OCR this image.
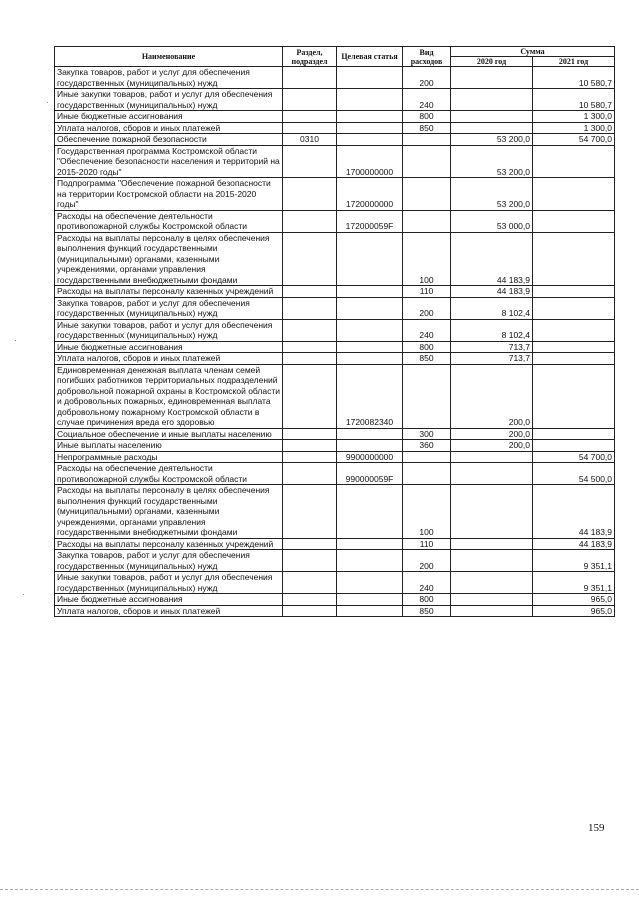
Наименование	Раздел, подраздел	Целевая статья	Вид расходов	Сумма	
				2020 год	2021 год
Закупка товаров, работ и услуг для обеспечения государственных (муниципальных) нужд			200		10 580,7
Иные закупки товаров, работ и услуг для обеспечения государственных (муниципальных) нужд			240		10 580,7
Иные бюджетные ассигнования			800		1 300,0
Уплата налогов, сборов и иных платежей			850		1 300,0
Обеспечение пожарной безопасности	0310			53 200,0	54 700,0
Государственная программа Костромской области "Обеспечение безопасности населения и территорий на 2015-2020 годы"		1700000000		53 200,0	
Подпрограмма "Обеспечение пожарной безопасности на территории Костромской области на 2015-2020 годы"		1720000000		53 200,0	
Расходы на обеспечение деятельности противопожарной службы Костромской области		172000059F		53 000,0	
Расходы на выплаты персоналу в целях обеспечения выполнения функций государственными (муниципальными) органами, казенными учреждениями, органами управления государственными внебюджетными фондами			100	44 183,9	
Расходы на выплаты персоналу казенных учреждений			110	44 183,9	
Закупка товаров, работ и услуг для обеспечения государственных (муниципальных) нужд			200	8 102,4	
Иные закупки товаров, работ и услуг для обеспечения государственных (муниципальных) нужд			240	8 102,4	
Иные бюджетные ассигнования			800	713,7	
Уплата налогов, сборов и иных платежей			850	713,7	
Единовременная денежная выплата членам семей погибших работников территориальных подразделений добровольной пожарной охраны в Костромской области и добровольных пожарных, единовременная выплата добровольному пожарному Костромской области в случае причинения вреда его здоровью		1720082340		200,0	
Социальное обеспечение и иные выплаты населению			300	200,0	
Иные выплаты населению			360	200,0	
Непрограммные расходы		9900000000			54 700,0
Расходы на обеспечение деятельности противопожарной службы Костромской области		990000059F			54 500,0
Расходы на выплаты персоналу в целях обеспечения выполнения функций государственными (муниципальными) органами, казенными учреждениями, органами управления государственными внебюджетными фондами			100		44 183,9
Расходы на выплаты персоналу казенных учреждений			110		44 183,9
Закупка товаров, работ и услуг для обеспечения государственных (муниципальных) нужд			200		9 351,1
Иные закупки товаров, работ и услуг для обеспечения государственных (муниципальных) нужд			240		9 351,1
Иные бюджетные ассигнования			800		965,0
Уплата налогов, сборов и иных платежей			850		965,0
159
·
·
·
